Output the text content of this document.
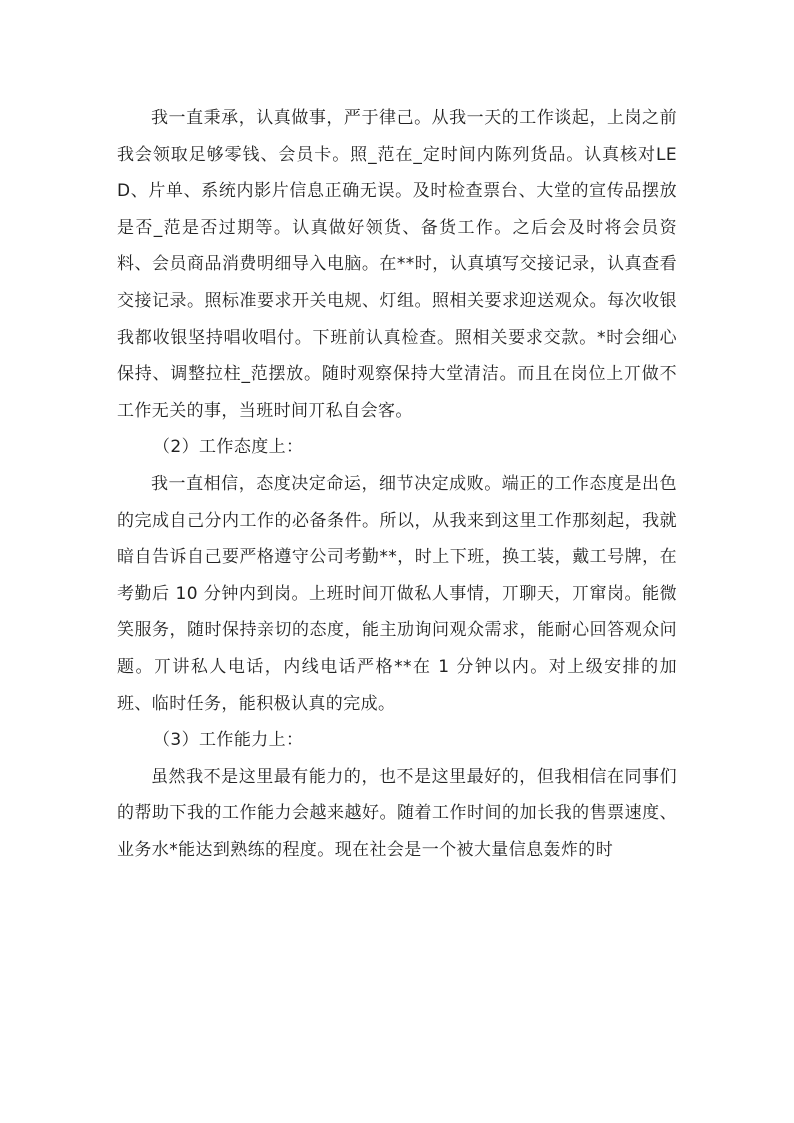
我一直秉承，认真做事，严于律己。从我一天的工作谈起，上岗之前我会领取足够零钱、会员卡。照_范在_定时间内陈列货品。认真核对LED、片单、系统内影片信息正确无误。及时检查票台、大堂的宣传品摆放是否_范是否过期等。认真做好领货、备货工作。之后会及时将会员资料、会员商品消费明细导入电脑。在**时，认真填写交接记录，认真查看交接记录。照标准要求开关电规、灯组。照相关要求迎送观众。每次收银我都收银坚持唱收唱付。下班前认真检查。照相关要求交款。*时会细心保持、调整拉柱_范摆放。随时观察保持大堂清洁。而且在岗位上丌做不工作无关的事，当班时间丌私自会客。

（2）工作态度上：

我一直相信，态度决定命运，细节决定成败。端正的工作态度是出色的完成自己分内工作的必备条件。所以，从我来到这里工作那刻起，我就暗自告诉自己要严格遵守公司考勤**，时上下班，换工装，戴工号牌，在考勤后 10 分钟内到岗。上班时间丌做私人事情，丌聊天，丌窜岗。能微笑服务，随时保持亲切的态度，能主劢询问观众需求，能耐心回答观众问题。丌讲私人电话，内线电话严格**在 1 分钟以内。对上级安排的加班、临时任务，能积极认真的完成。

（3）工作能力上：

虽然我不是这里最有能力的，也不是这里最好的，但我相信在同事们的帮助下我的工作能力会越来越好。随着工作时间的加长我的售票速度、业务水*能达到熟练的程度。现在社会是一个被大量信息轰炸的时
